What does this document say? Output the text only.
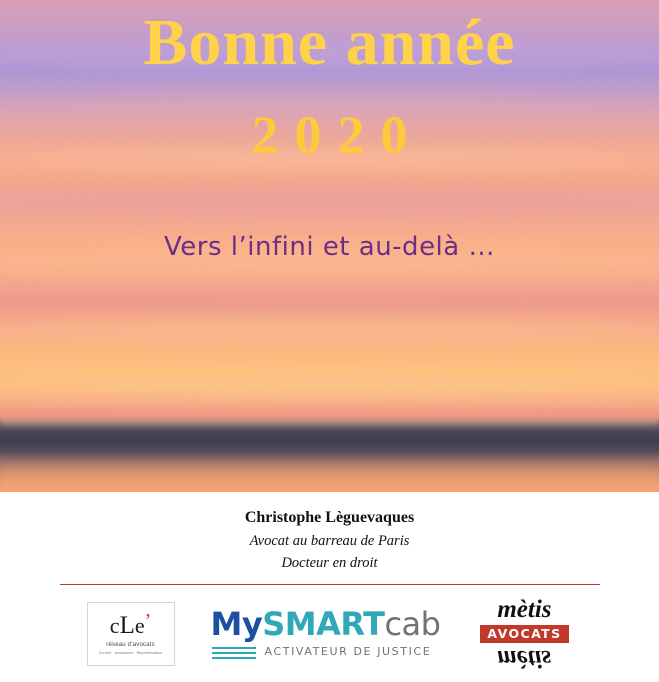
Bonne année
2020
Vers l’infini et au-delà …
Christophe Lèguevaques
Avocat au barreau de Paris
Docteur en droit
cLe’
réseau d’avocats
Conseil · Assistance · Représentation
MySMARTcab
ACTIVATEUR DE JUSTICE
mètis
AVOCATS
mètis
